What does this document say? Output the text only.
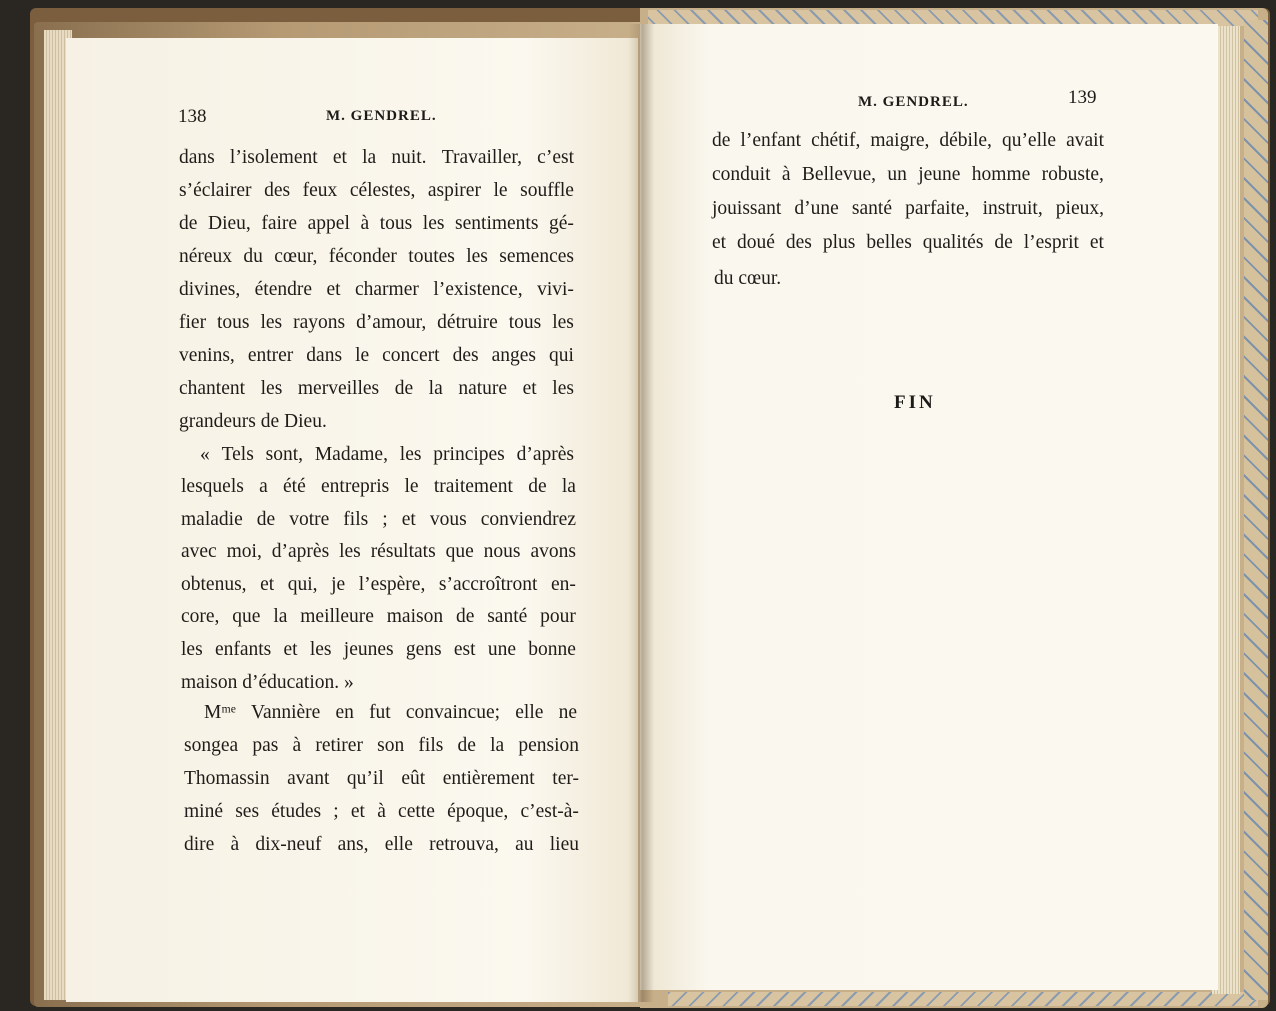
138	M. GENDREL.
M. GENDREL.	139
dans l’isolement et la nuit. Travailler, c’est
s’éclairer des feux célestes, aspirer le souffle
de Dieu, faire appel à tous les sentiments gé-
néreux du cœur, féconder toutes les semences
divines, étendre et charmer l’existence, vivi-
fier tous les rayons d’amour, détruire tous les
venins, entrer dans le concert des anges qui
chantent les merveilles de la nature et les
grandeurs de Dieu.
« Tels sont, Madame, les principes d’après
lesquels a été entrepris le traitement de la
maladie de votre fils ; et vous conviendrez
avec moi, d’après les résultats que nous avons
obtenus, et qui, je l’espère, s’accroîtront en-
core, que la meilleure maison de santé pour
les enfants et les jeunes gens est une bonne
maison d’éducation. »
Mᵐᵉ Vannière en fut convaincue; elle ne
songea pas à retirer son fils de la pension
Thomassin avant qu’il eût entièrement ter-
miné ses études ; et à cette époque, c’est-à-
dire à dix-neuf ans, elle retrouva, au lieu
de l’enfant chétif, maigre, débile, qu’elle avait
conduit à Bellevue, un jeune homme robuste,
jouissant d’une santé parfaite, instruit, pieux,
et doué des plus belles qualités de l’esprit et
du cœur.
FIN
